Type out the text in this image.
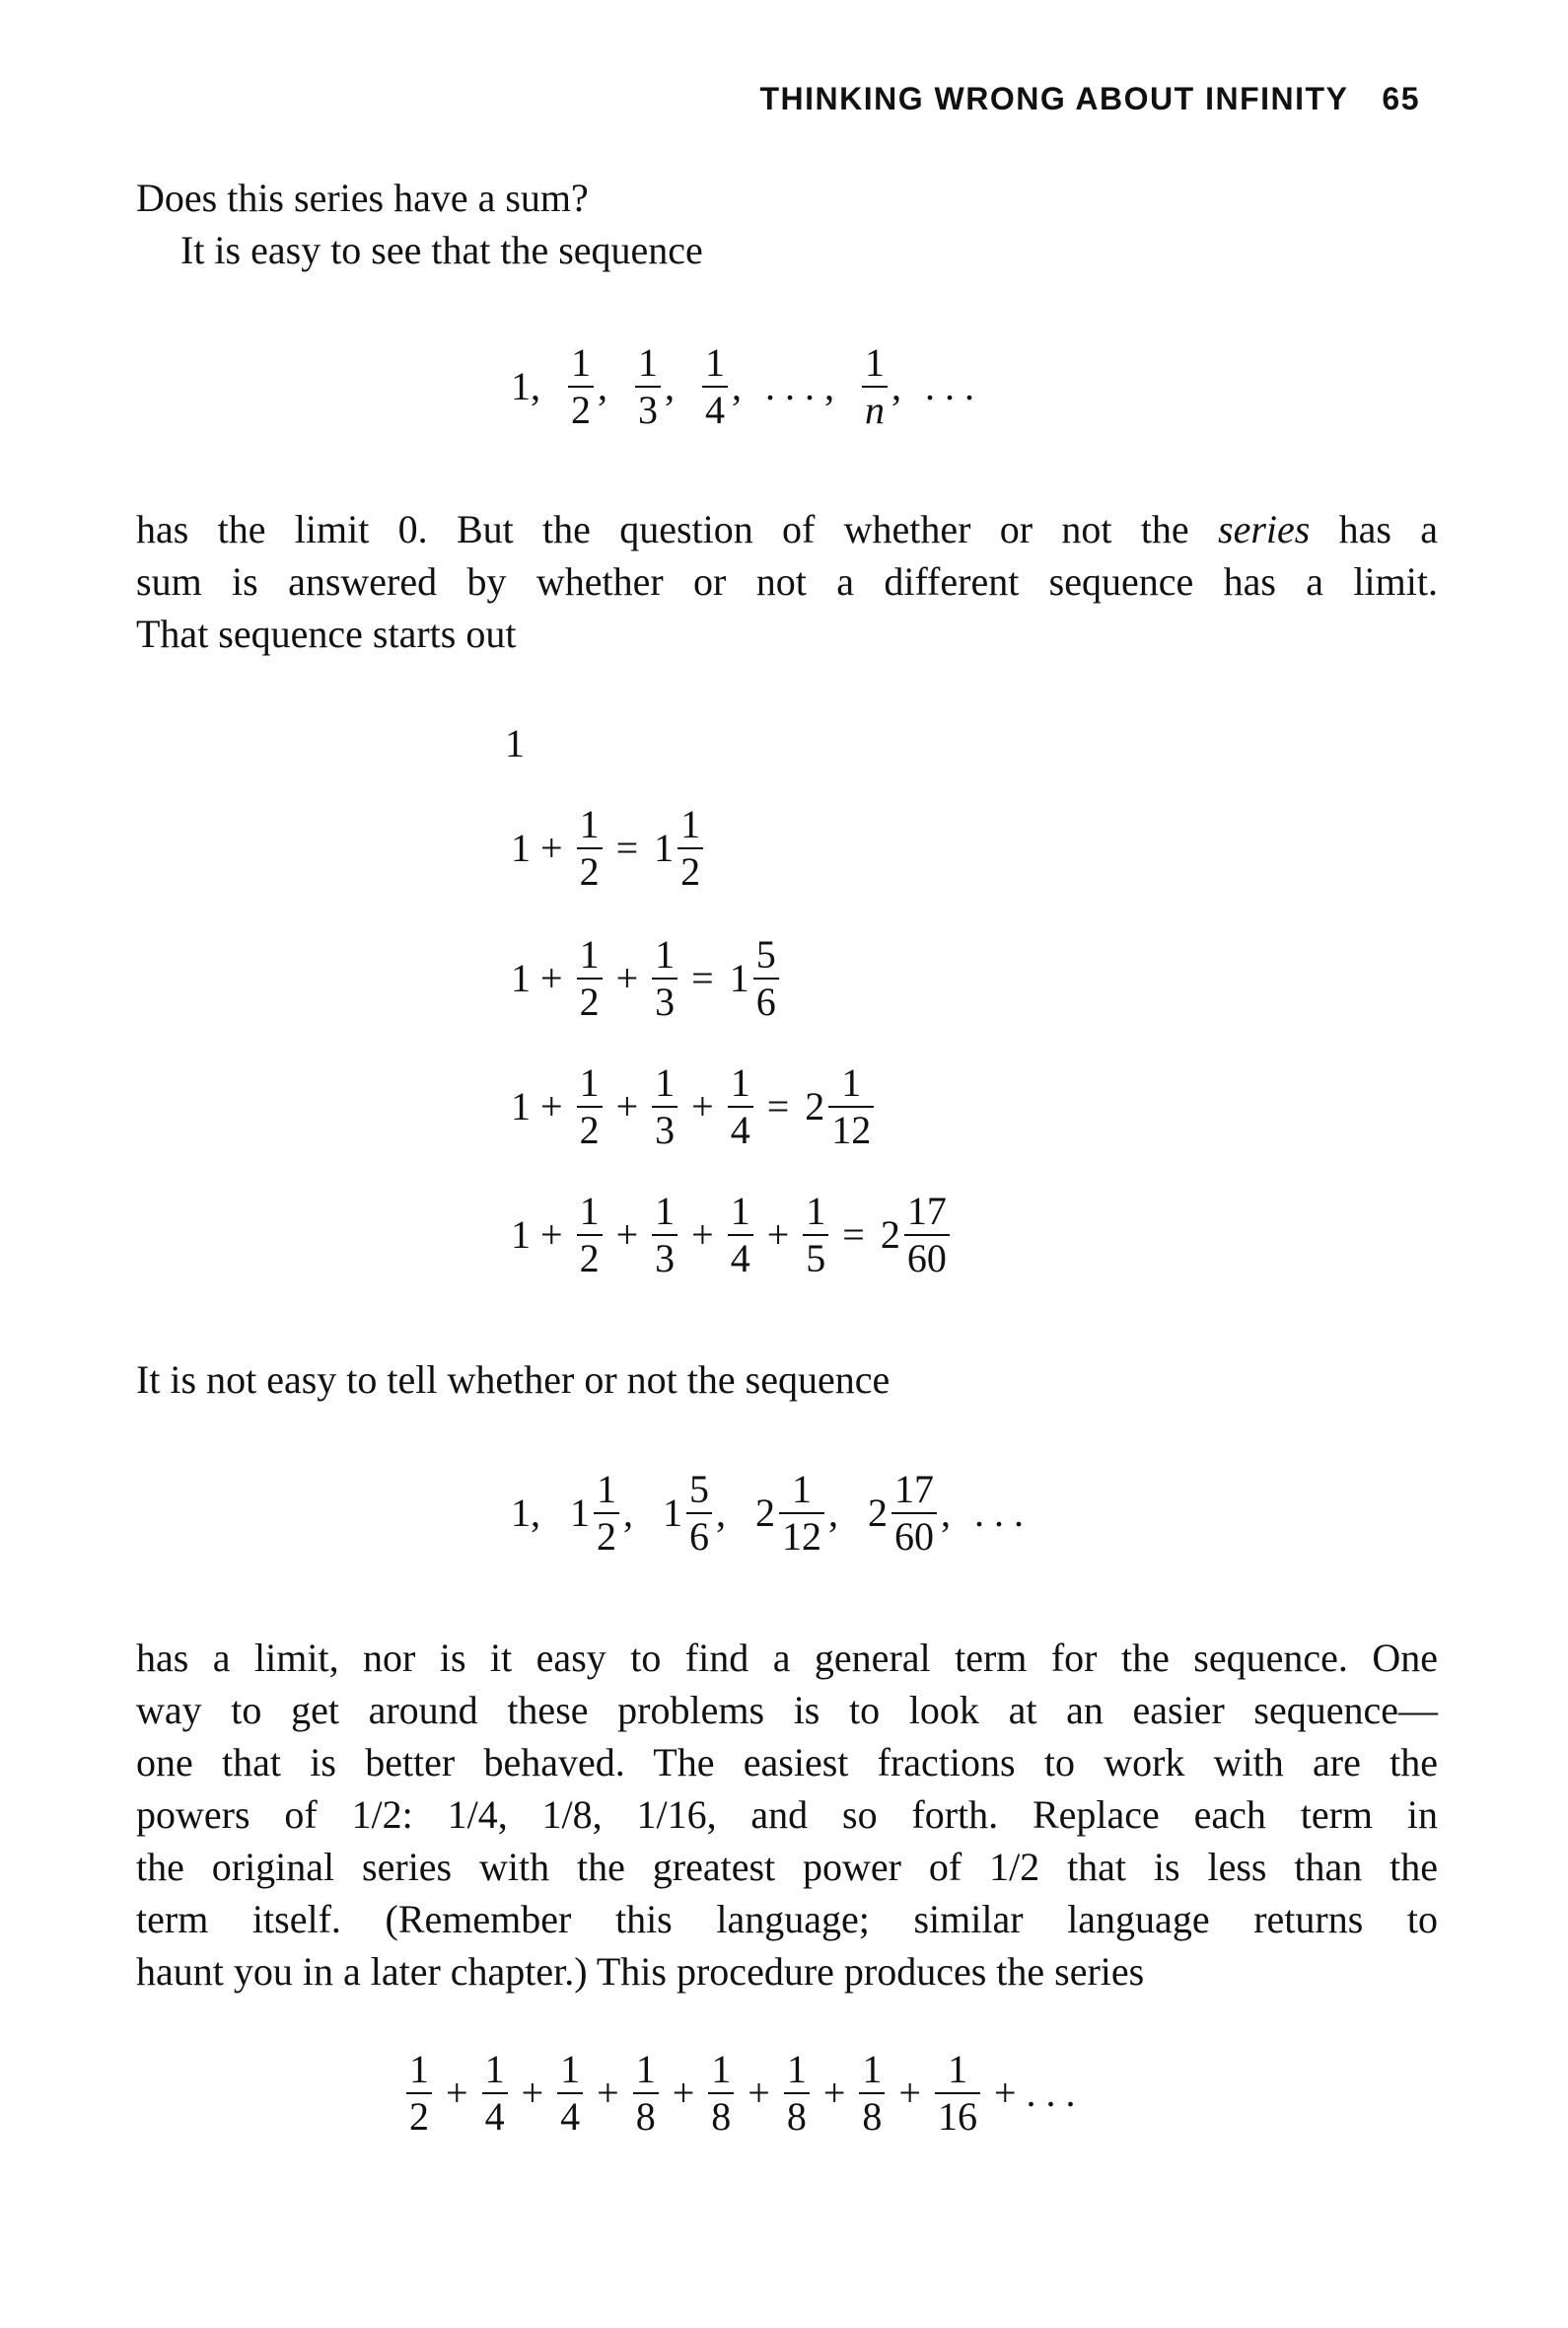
THINKING WRONG ABOUT INFINITY 65
Does this series have a sum?
It is easy to see that the sequence
1, $\frac{1}{2}$ , $\frac{1}{3}$ , $\frac{1}{4}$ , . . . , $\frac{1}{n}$ , . . .
has the limit 0. But the question of whether or not the series has a
sum is answered by whether or not a different sequence has a limit.
That sequence starts out
1
$1 + \frac{1}{2} = 1 \frac{1}{2}$
$1 + \frac{1}{2} + \frac{1}{3} = 1 \frac{5}{6}$
$1 + \frac{1}{2} + \frac{1}{3} + \frac{1}{4} = 2 \frac{1}{12}$
$1 + \frac{1}{2} + \frac{1}{3} + \frac{1}{4} + \frac{1}{5} = 2 \frac{17}{60}$
It is not easy to tell whether or not the sequence
1, $1 \frac{1}{2}$ , $1 \frac{5}{6}$ , $2 \frac{1}{12}$ , $2 \frac{17}{60}$ , . . .
has a limit, nor is it easy to find a general term for the sequence. One
way to get around these problems is to look at an easier sequence—
one that is better behaved. The easiest fractions to work with are the
powers of 1/2: 1/4, 1/8, 1/16, and so forth. Replace each term in
the original series with the greatest power of 1/2 that is less than the
term itself. (Remember this language; similar language returns to
haunt you in a later chapter.) This procedure produces the series
$\frac{1}{2} + \frac{1}{4} + \frac{1}{4} + \frac{1}{8} + \frac{1}{8} + \frac{1}{8} + \frac{1}{8} + \frac{1}{16}$ + . . .
